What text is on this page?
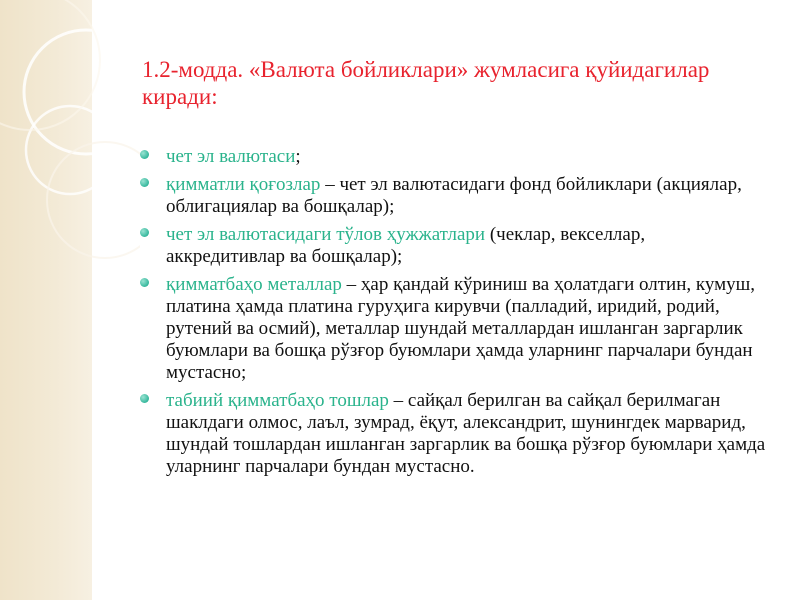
1.2-модда. «Валюта бойликлари» жумласига қуйидагилар киради:
чет эл валютаси;
қимматли қоғозлар – чет эл валютасидаги фонд бойликлари (акциялар, облигациялар ва бошқалар);
чет эл валютасидаги тўлов ҳужжатлари (чеклар, векселлар, аккредитивлар ва бошқалар);
қимматбаҳо металлар – ҳар қандай кўриниш ва ҳолатдаги олтин, кумуш, платина ҳамда платина гуруҳига кирувчи (палладий, иридий, родий, рутений ва осмий), металлар шундай металлардан ишланган заргарлик буюмлари ва бошқа рўзғор буюмлари ҳамда уларнинг парчалари бундан мустасно;
табиий қимматбаҳо тошлар – сайқал берилган ва сайқал берилмаган шаклдаги олмос, лаъл, зумрад, ёқут, александрит, шунингдек марварид, шундай тошлардан ишланган заргарлик ва бошқа рўзғор буюмлари ҳамда уларнинг парчалари бундан мустасно.
